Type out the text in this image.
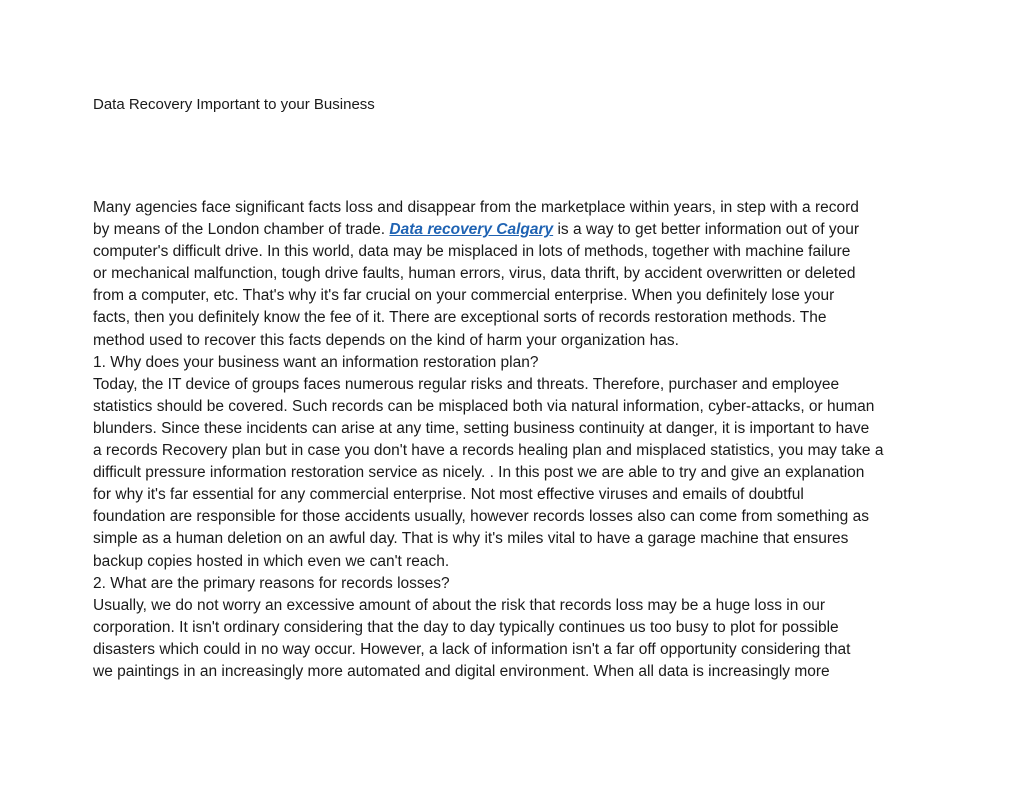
Data Recovery Important to your Business
Many agencies face significant facts loss and disappear from the marketplace within years, in step with a record
by means of the London chamber of trade. Data recovery Calgary is a way to get better information out of your
computer's difficult drive. In this world, data may be misplaced in lots of methods, together with machine failure
or mechanical malfunction, tough drive faults, human errors, virus, data thrift, by accident overwritten or deleted
from a computer, etc. That's why it's far crucial on your commercial enterprise. When you definitely lose your
facts, then you definitely know the fee of it. There are exceptional sorts of records restoration methods. The
method used to recover this facts depends on the kind of harm your organization has.
1. Why does your business want an information restoration plan?
Today, the IT device of groups faces numerous regular risks and threats. Therefore, purchaser and employee
statistics should be covered. Such records can be misplaced both via natural information, cyber-attacks, or human
blunders. Since these incidents can arise at any time, setting business continuity at danger, it is important to have
a records Recovery plan but in case you don't have a records healing plan and misplaced statistics, you may take a
difficult pressure information restoration service as nicely. . In this post we are able to try and give an explanation
for why it's far essential for any commercial enterprise. Not most effective viruses and emails of doubtful
foundation are responsible for those accidents usually, however records losses also can come from something as
simple as a human deletion on an awful day. That is why it's miles vital to have a garage machine that ensures
backup copies hosted in which even we can't reach.
2. What are the primary reasons for records losses?
Usually, we do not worry an excessive amount of about the risk that records loss may be a huge loss in our
corporation. It isn't ordinary considering that the day to day typically continues us too busy to plot for possible
disasters which could in no way occur. However, a lack of information isn't a far off opportunity considering that
we paintings in an increasingly more automated and digital environment. When all data is increasingly more
